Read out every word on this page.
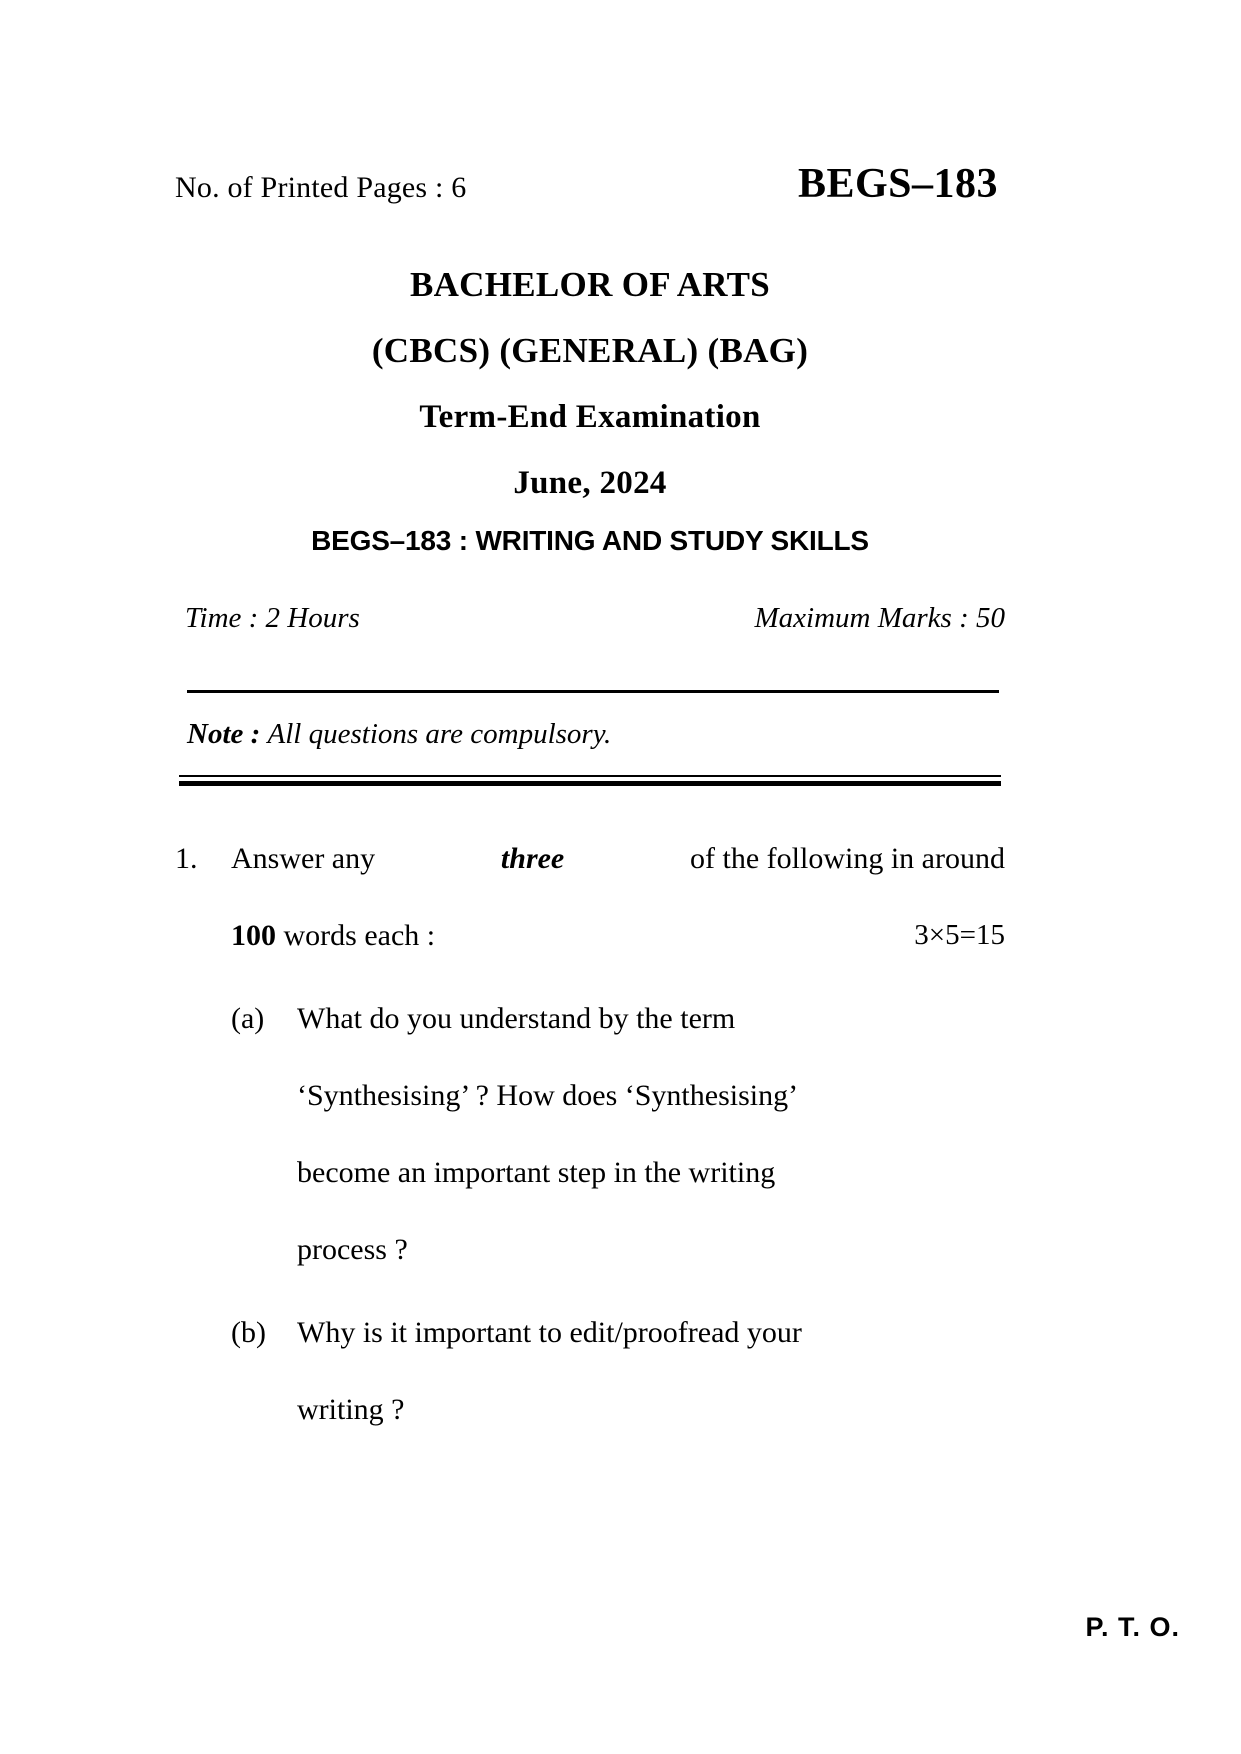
No. of Printed Pages : 6	BEGS–183
BACHELOR OF ARTS
(CBCS) (GENERAL) (BAG)
Term-End Examination
June, 2024
BEGS–183 : WRITING AND STUDY SKILLS
Time : 2 Hours	Maximum Marks : 50
Note : All questions are compulsory.
1.	Answer any	three	of the following in around
100 words each :	3×5=15
(a)	What do you understand by the term
‘Synthesising’ ? How does ‘Synthesising’
become an important step in the writing
process ?
(b)	Why is it important to edit/proofread your
writing ?
P. T. O.
